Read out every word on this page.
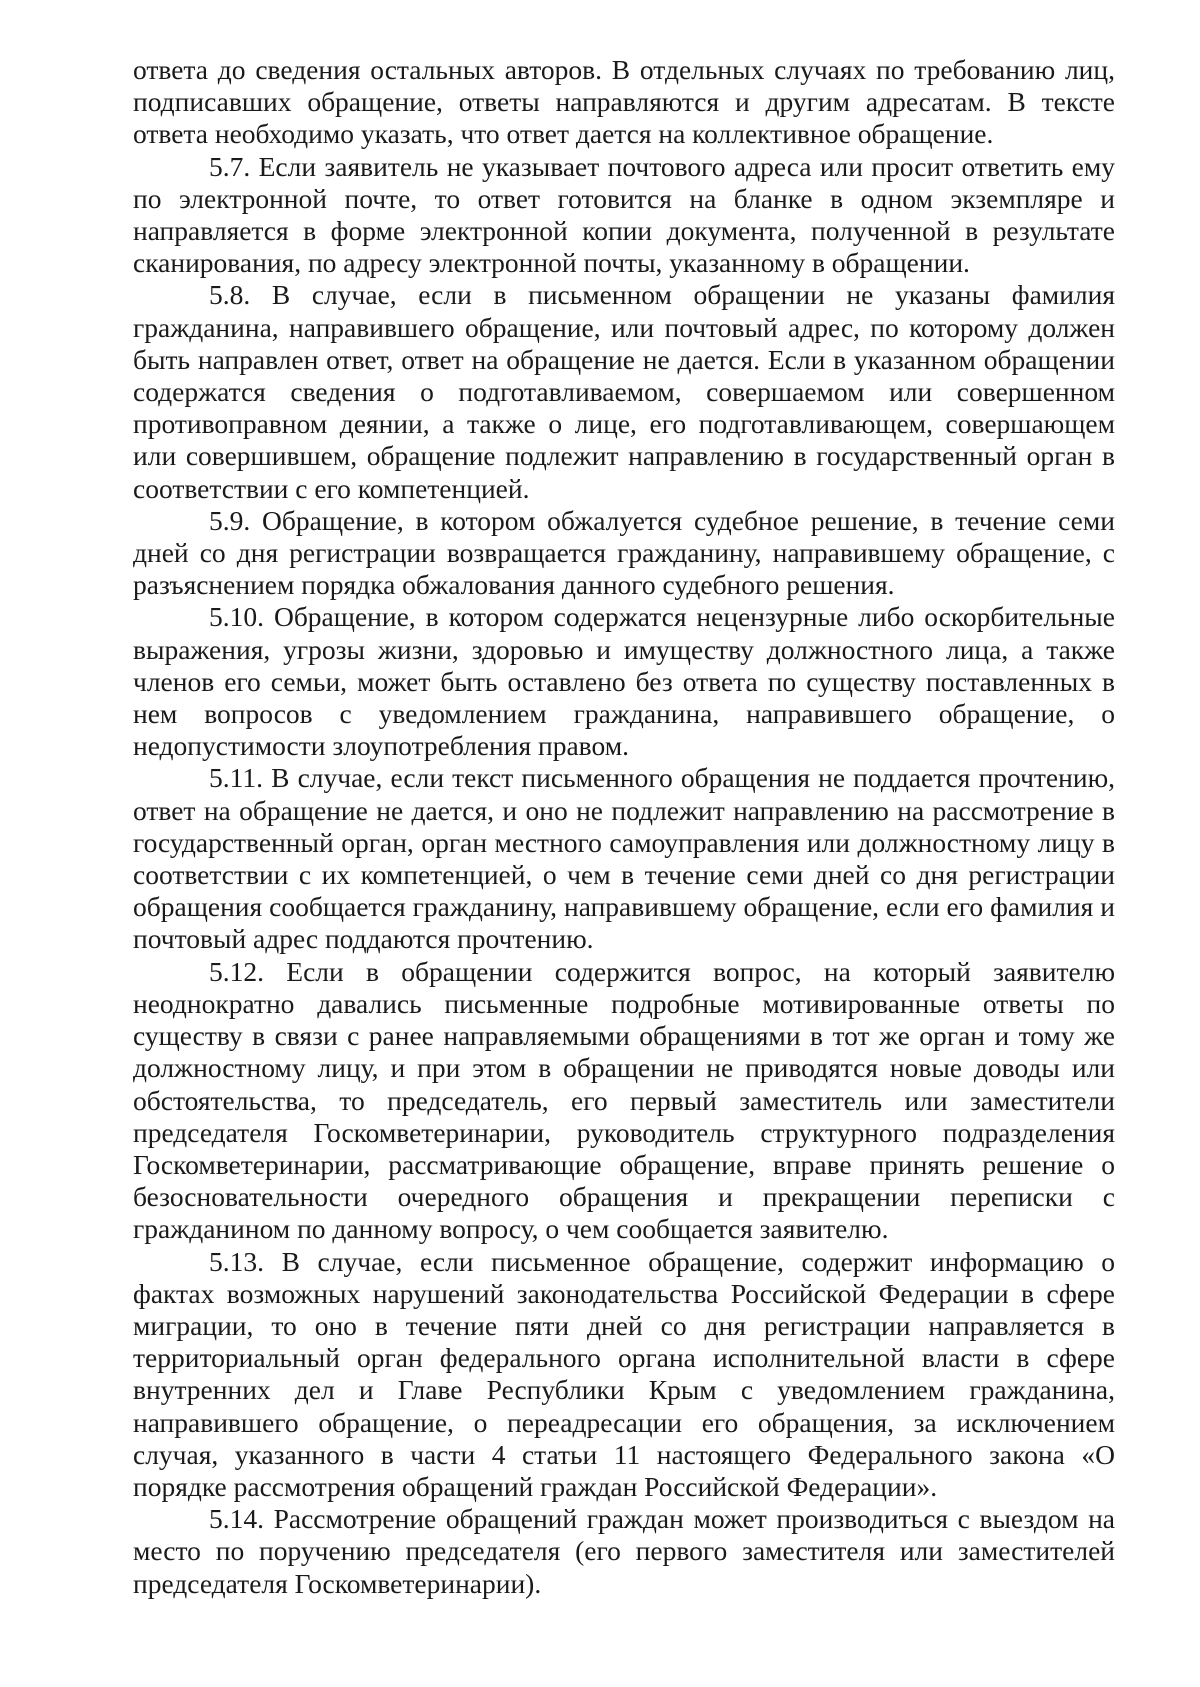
ответа до сведения остальных авторов. В отдельных случаях по требованию лиц, подписавших обращение, ответы направляются и другим адресатам. В тексте ответа необходимо указать, что ответ дается на коллективное обращение.

5.7. Если заявитель не указывает почтового адреса или просит ответить ему по электронной почте, то ответ готовится на бланке в одном экземпляре и направляется в форме электронной копии документа, полученной в результате сканирования, по адресу электронной почты, указанному в обращении.

5.8. В случае, если в письменном обращении не указаны фамилия гражданина, направившего обращение, или почтовый адрес, по которому должен быть направлен ответ, ответ на обращение не дается. Если в указанном обращении содержатся сведения о подготавливаемом, совершаемом или совершенном противоправном деянии, а также о лице, его подготавливающем, совершающем или совершившем, обращение подлежит направлению в государственный орган в соответствии с его компетенцией.

5.9. Обращение, в котором обжалуется судебное решение, в течение семи дней со дня регистрации возвращается гражданину, направившему обращение, с разъяснением порядка обжалования данного судебного решения.

5.10. Обращение, в котором содержатся нецензурные либо оскорбительные выражения, угрозы жизни, здоровью и имуществу должностного лица, а также членов его семьи, может быть оставлено без ответа по существу поставленных в нем вопросов с уведомлением гражданина, направившего обращение, о недопустимости злоупотребления правом.

5.11. В случае, если текст письменного обращения не поддается прочтению, ответ на обращение не дается, и оно не подлежит направлению на рассмотрение в государственный орган, орган местного самоуправления или должностному лицу в соответствии с их компетенцией, о чем в течение семи дней со дня регистрации обращения сообщается гражданину, направившему обращение, если его фамилия и почтовый адрес поддаются прочтению.

5.12. Если в обращении содержится вопрос, на который заявителю неоднократно давались письменные подробные мотивированные ответы по существу в связи с ранее направляемыми обращениями в тот же орган и тому же должностному лицу, и при этом в обращении не приводятся новые доводы или обстоятельства, то председатель, его первый заместитель или заместители председателя Госкомветеринарии, руководитель структурного подразделения Госкомветеринарии, рассматривающие обращение, вправе принять решение о безосновательности очередного обращения и прекращении переписки с гражданином по данному вопросу, о чем сообщается заявителю.

5.13. В случае, если письменное обращение, содержит информацию о фактах возможных нарушений законодательства Российской Федерации в сфере миграции, то оно в течение пяти дней со дня регистрации направляется в территориальный орган федерального органа исполнительной власти в сфере внутренних дел и Главе Республики Крым с уведомлением гражданина, направившего обращение, о переадресации его обращения, за исключением случая, указанного в части 4 статьи 11 настоящего Федерального закона «О порядке рассмотрения обращений граждан Российской Федерации».

5.14. Рассмотрение обращений граждан может производиться с выездом на место по поручению председателя (его первого заместителя или заместителей председателя Госкомветеринарии).
